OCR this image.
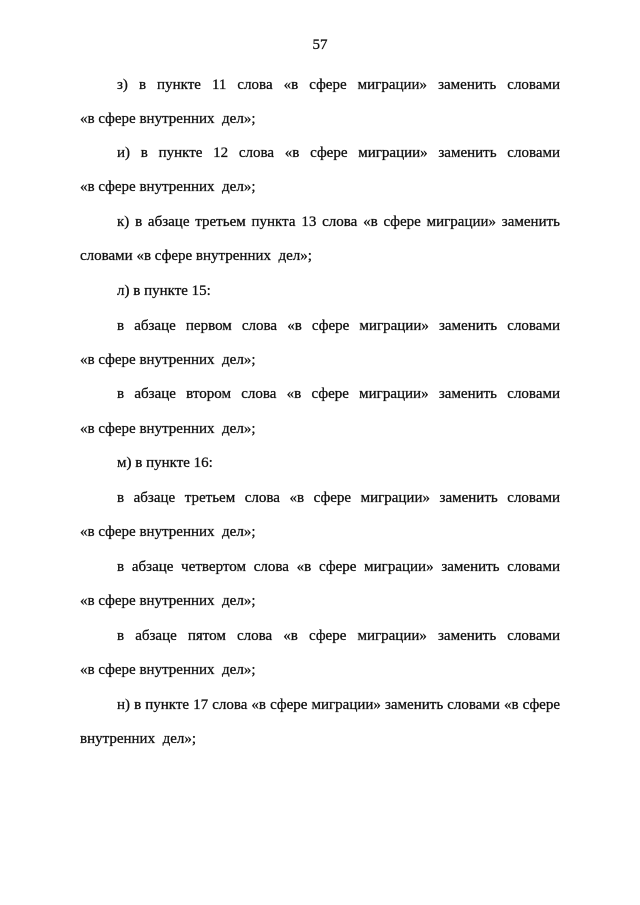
57
з) в пункте 11 слова «в сфере миграции» заменить словами
«в сфере внутренних  дел»;
и) в пункте 12 слова «в сфере миграции» заменить словами
«в сфере внутренних  дел»;
к) в абзаце третьем пункта 13 слова «в сфере миграции» заменить
словами «в сфере внутренних  дел»;
л) в пункте 15:
в абзаце первом слова «в сфере миграции» заменить словами
«в сфере внутренних  дел»;
в абзаце втором слова «в сфере миграции» заменить словами
«в сфере внутренних  дел»;
м) в пункте 16:
в абзаце третьем слова «в сфере миграции» заменить словами
«в сфере внутренних  дел»;
в абзаце четвертом слова «в сфере миграции» заменить словами
«в сфере внутренних  дел»;
в абзаце пятом слова «в сфере миграции» заменить словами
«в сфере внутренних  дел»;
н) в пункте 17 слова «в сфере миграции» заменить словами «в сфере
внутренних  дел»;
